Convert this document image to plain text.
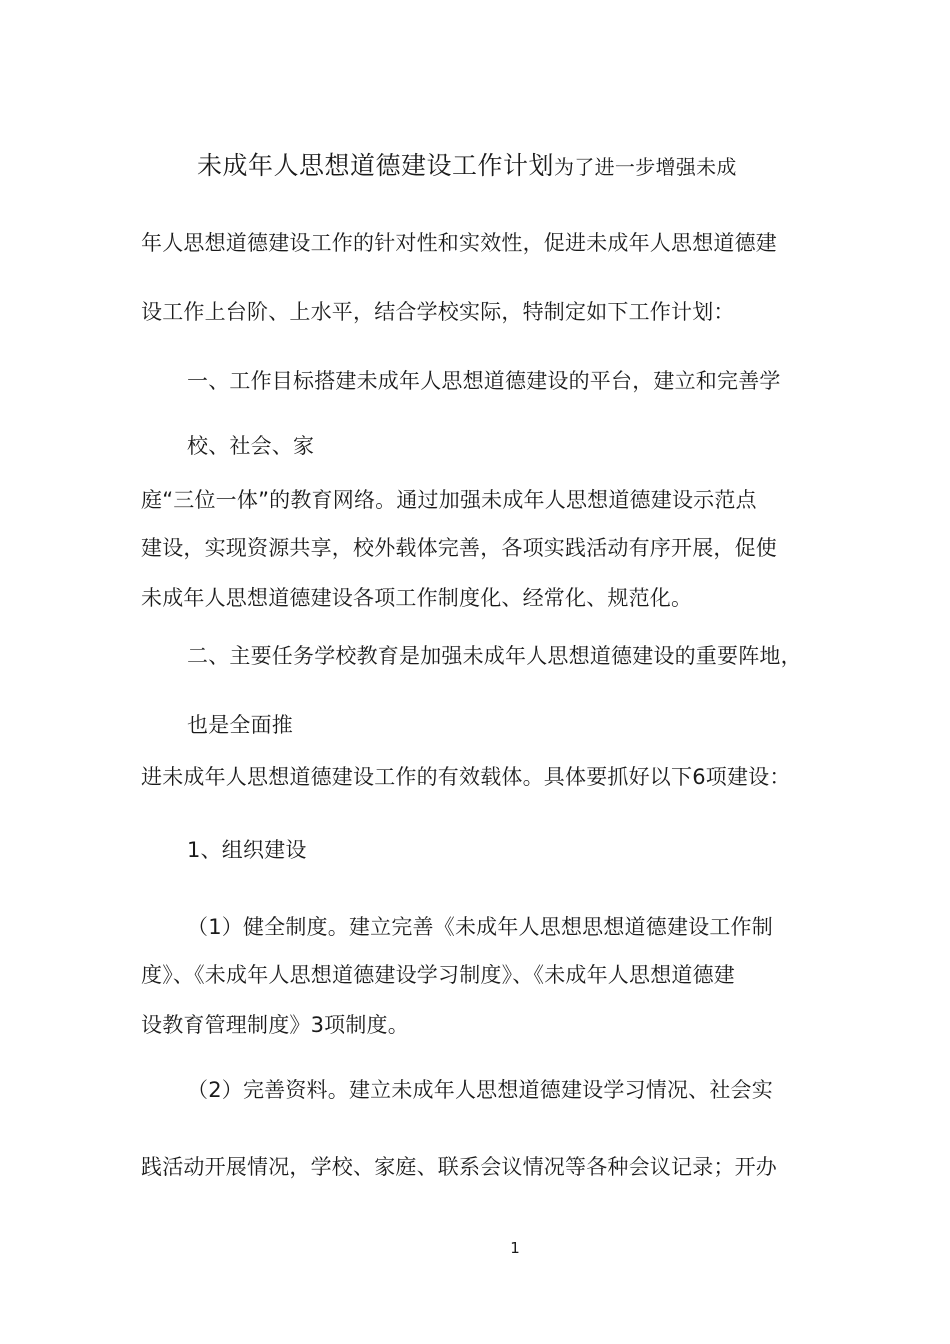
未成年人思想道德建设工作计划为了进一步增强未成
年人思想道德建设工作的针对性和实效性，促进未成年人思想道德建
设工作上台阶、上水平，结合学校实际，特制定如下工作计划：
一、工作目标搭建未成年人思想道德建设的平台，建立和完善学
校、社会、家
庭“三位一体”的教育网络。通过加强未成年人思想道德建设示范点
建设，实现资源共享，校外载体完善，各项实践活动有序开展，促使
未成年人思想道德建设各项工作制度化、经常化、规范化。
二、主要任务学校教育是加强未成年人思想道德建设的重要阵地，
也是全面推
进未成年人思想道德建设工作的有效载体。具体要抓好以下6项建设：
1、组织建设
（1）健全制度。建立完善《未成年人思想思想道德建设工作制
度》、《未成年人思想道德建设学习制度》、《未成年人思想道德建
设教育管理制度》3项制度。
（2）完善资料。建立未成年人思想道德建设学习情况、社会实
践活动开展情况，学校、家庭、联系会议情况等各种会议记录；开办
1
